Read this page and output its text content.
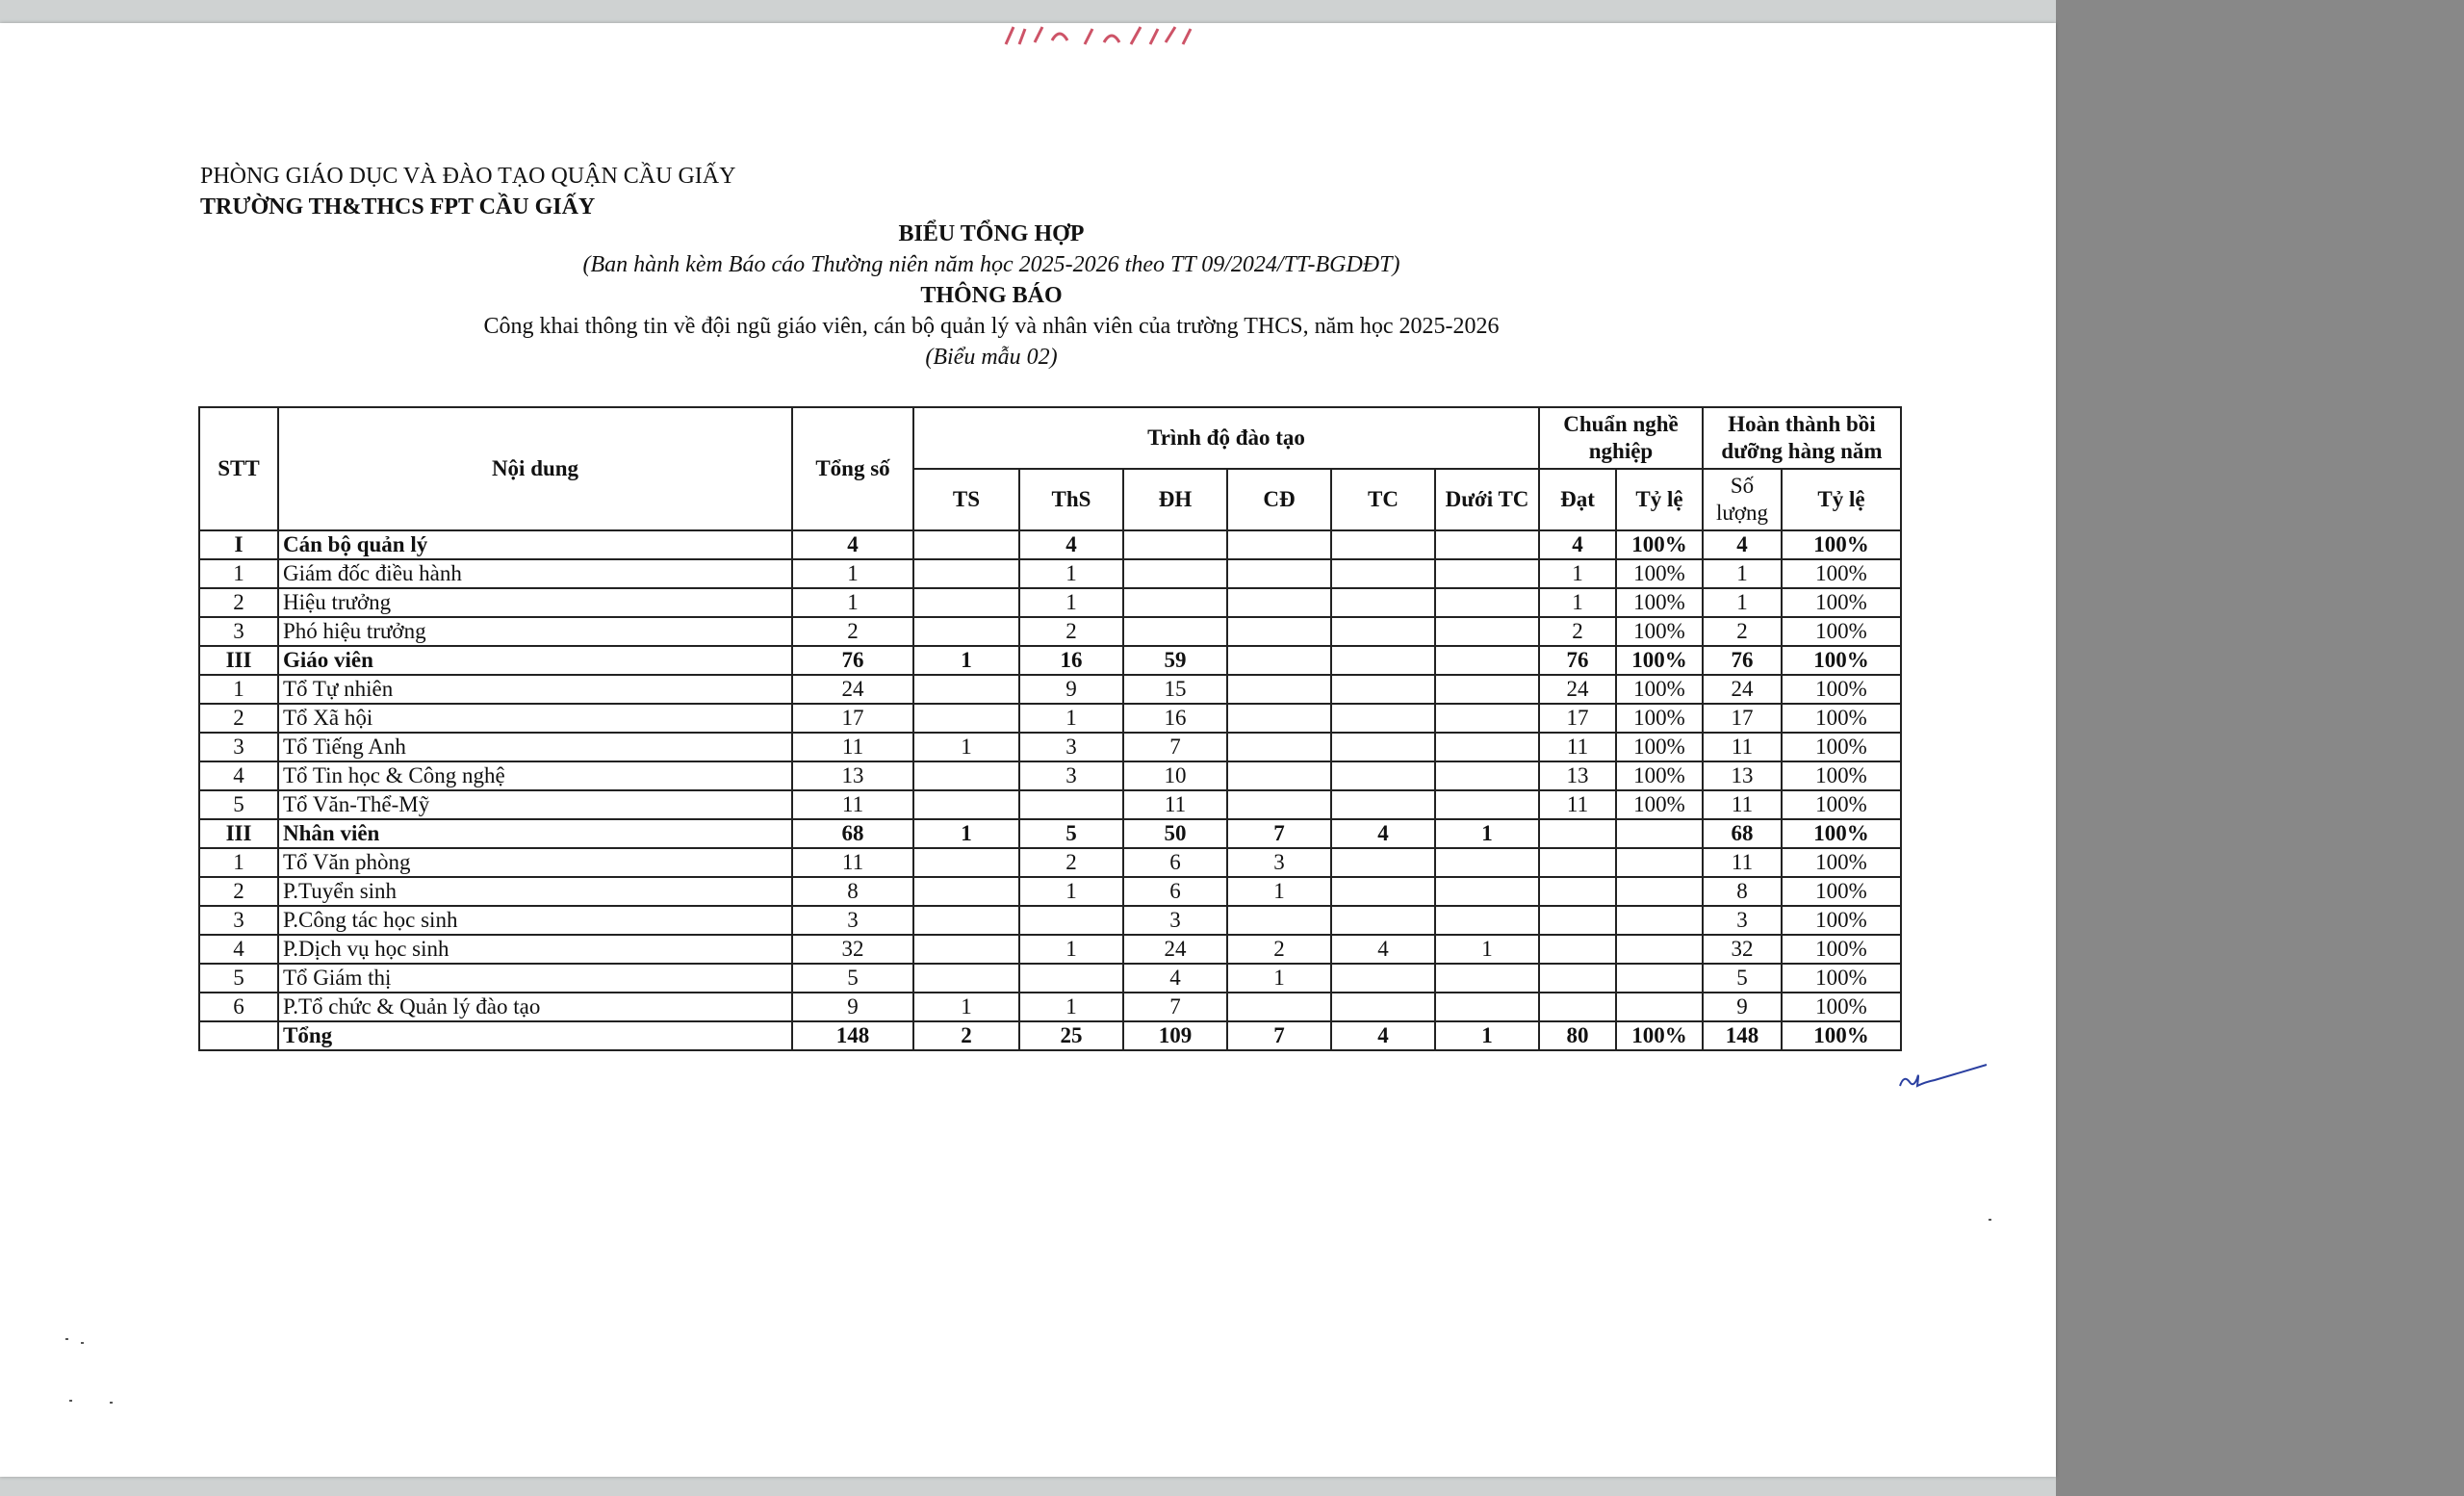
PHÒNG GIÁO DỤC VÀ ĐÀO TẠO QUẬN CẦU GIẤY
TRƯỜNG TH&THCS FPT CẦU GIẤY
BIỂU TỔNG HỢP
(Ban hành kèm Báo cáo Thường niên năm học 2025-2026 theo TT 09/2024/TT-BGDĐT)
THÔNG BÁO
Công khai thông tin về đội ngũ giáo viên, cán bộ quản lý và nhân viên của trường THCS, năm học 2025-2026
(Biểu mẫu 02)
STT	Nội dung	Tổng số	Trình độ đào tạo						Chuẩn nghề nghiệp		Hoàn thành bồi dưỡng hàng năm	
			TS	ThS	ĐH	CĐ	TC	Dưới TC	Đạt	Tỷ lệ	Số lượng	Tỷ lệ
I	Cán bộ quản lý	4		4					4	100%	4	100%
1	Giám đốc điều hành	1		1					1	100%	1	100%
2	Hiệu trưởng	1		1					1	100%	1	100%
3	Phó hiệu trưởng	2		2					2	100%	2	100%
III	Giáo viên	76	1	16	59				76	100%	76	100%
1	Tổ Tự nhiên	24		9	15				24	100%	24	100%
2	Tổ Xã hội	17		1	16				17	100%	17	100%
3	Tổ Tiếng Anh	11	1	3	7				11	100%	11	100%
4	Tổ Tin học & Công nghệ	13		3	10				13	100%	13	100%
5	Tổ Văn-Thể-Mỹ	11			11				11	100%	11	100%
III	Nhân viên	68	1	5	50	7	4	1			68	100%
1	Tổ Văn phòng	11		2	6	3					11	100%
2	P.Tuyển sinh	8		1	6	1					8	100%
3	P.Công tác học sinh	3			3						3	100%
4	P.Dịch vụ học sinh	32		1	24	2	4	1			32	100%
5	Tổ Giám thị	5			4	1					5	100%
6	P.Tổ chức & Quản lý đào tạo	9	1	1	7						9	100%
	Tổng	148	2	25	109	7	4	1	80	100%	148	100%
